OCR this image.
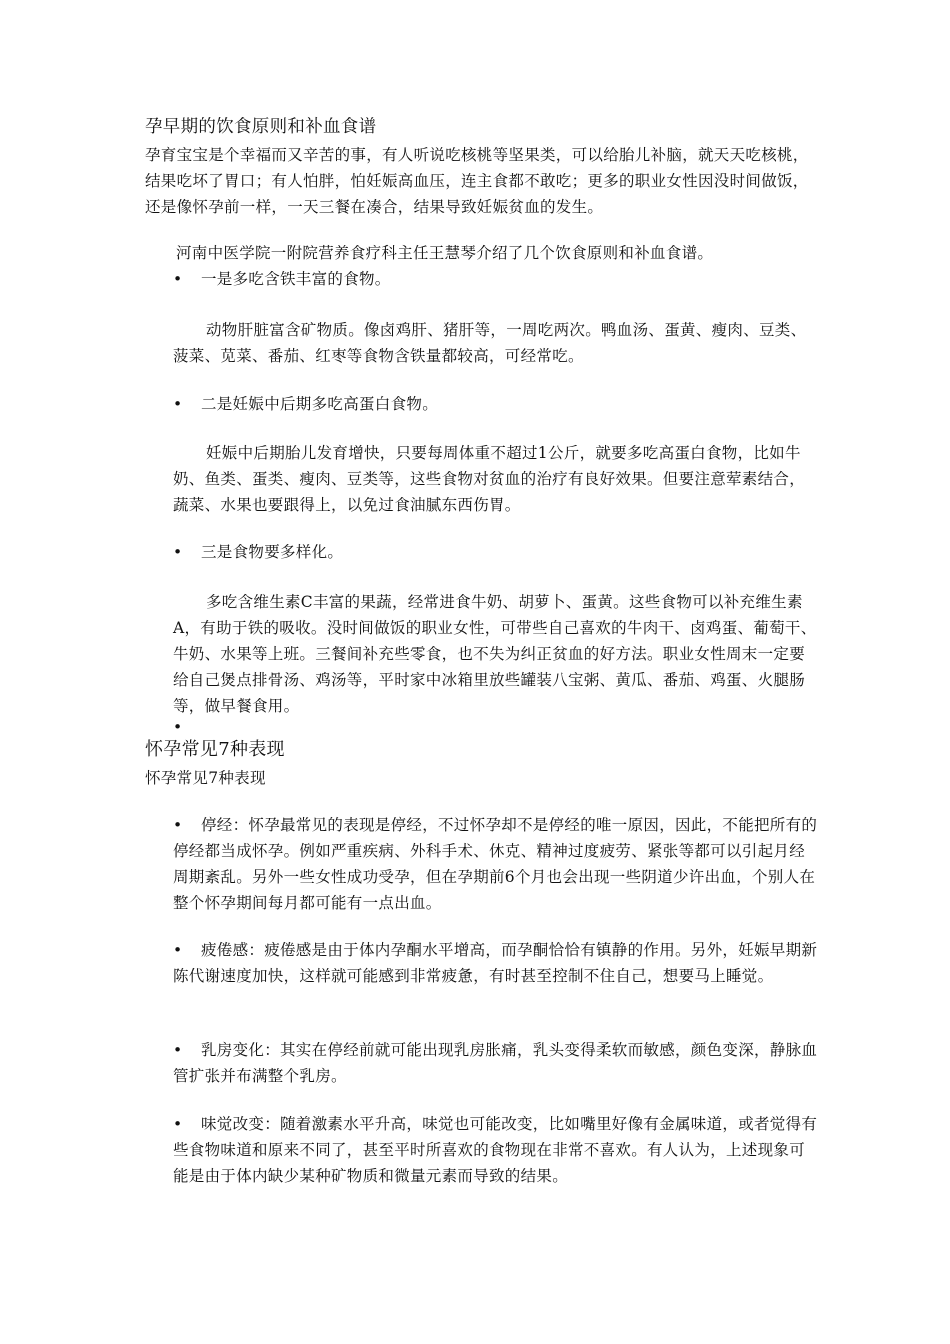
孕早期的饮食原则和补血食谱

孕育宝宝是个幸福而又辛苦的事，有人听说吃核桃等坚果类，可以给胎儿补脑，就天天吃核桃，结果吃坏了胃口；有人怕胖，怕妊娠高血压，连主食都不敢吃；更多的职业女性因没时间做饭，还是像怀孕前一样，一天三餐在凑合，结果导致妊娠贫血的发生。

河南中医学院一附院营养食疗科主任王慧琴介绍了几个饮食原则和补血食谱。

• 一是多吃含铁丰富的食物。

动物肝脏富含矿物质。像卤鸡肝、猪肝等，一周吃两次。鸭血汤、蛋黄、瘦肉、豆类、菠菜、苋菜、番茄、红枣等食物含铁量都较高，可经常吃。

• 二是妊娠中后期多吃高蛋白食物。

妊娠中后期胎儿发育增快，只要每周体重不超过1公斤，就要多吃高蛋白食物，比如牛奶、鱼类、蛋类、瘦肉、豆类等，这些食物对贫血的治疗有良好效果。但要注意荤素结合，蔬菜、水果也要跟得上，以免过食油腻东西伤胃。

• 三是食物要多样化。

多吃含维生素C丰富的果蔬，经常进食牛奶、胡萝卜、蛋黄。这些食物可以补充维生素A，有助于铁的吸收。没时间做饭的职业女性，可带些自己喜欢的牛肉干、卤鸡蛋、葡萄干、牛奶、水果等上班。三餐间补充些零食，也不失为纠正贫血的好方法。职业女性周末一定要给自己煲点排骨汤、鸡汤等，平时家中冰箱里放些罐装八宝粥、黄瓜、番茄、鸡蛋、火腿肠等，做早餐食用。

•

怀孕常见7种表现

怀孕常见7种表现

• 停经：怀孕最常见的表现是停经，不过怀孕却不是停经的唯一原因，因此，不能把所有的停经都当成怀孕。例如严重疾病、外科手术、休克、精神过度疲劳、紧张等都可以引起月经周期紊乱。另外一些女性成功受孕，但在孕期前6个月也会出现一些阴道少许出血，个别人在整个怀孕期间每月都可能有一点出血。

• 疲倦感：疲倦感是由于体内孕酮水平增高，而孕酮恰恰有镇静的作用。另外，妊娠早期新陈代谢速度加快，这样就可能感到非常疲惫，有时甚至控制不住自己，想要马上睡觉。

• 乳房变化：其实在停经前就可能出现乳房胀痛，乳头变得柔软而敏感，颜色变深，静脉血管扩张并布满整个乳房。

• 味觉改变：随着激素水平升高，味觉也可能改变，比如嘴里好像有金属味道，或者觉得有些食物味道和原来不同了，甚至平时所喜欢的食物现在非常不喜欢。有人认为，上述现象可能是由于体内缺少某种矿物质和微量元素而导致的结果。
